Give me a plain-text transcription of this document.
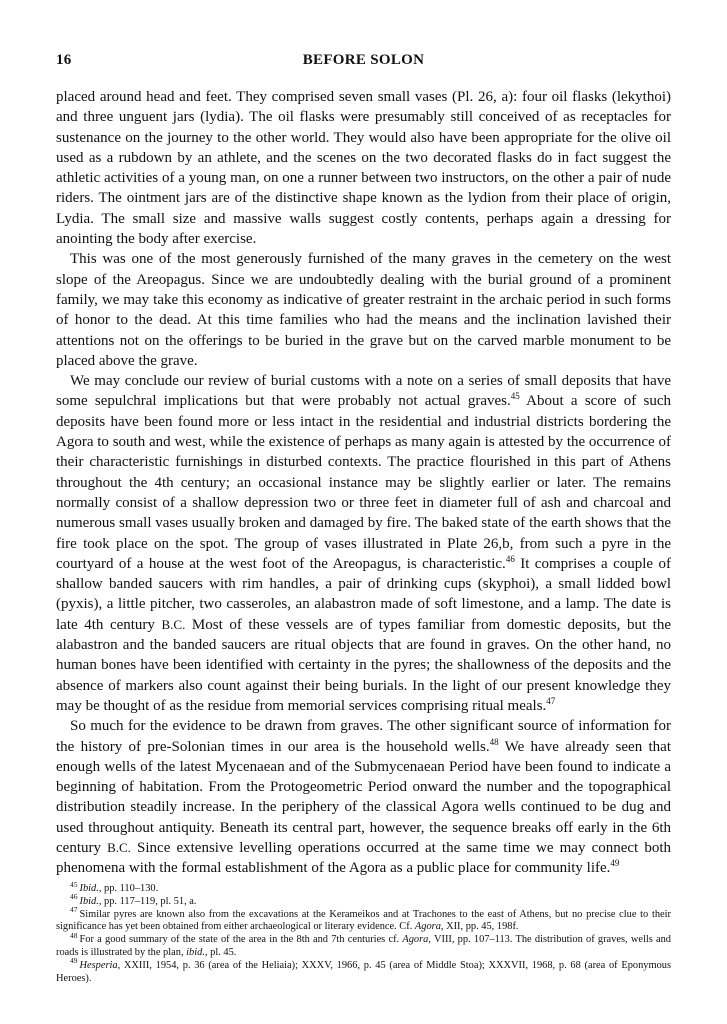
16	BEFORE SOLON

placed around head and feet. They comprised seven small vases (Pl. 26, a): four oil flasks (lekythoi) and three unguent jars (lydia). The oil flasks were presumably still conceived of as receptacles for sustenance on the journey to the other world. They would also have been appropriate for the olive oil used as a rubdown by an athlete, and the scenes on the two decorated flasks do in fact suggest the athletic activities of a young man, on one a runner between two instructors, on the other a pair of nude riders. The ointment jars are of the distinctive shape known as the lydion from their place of origin, Lydia. The small size and massive walls suggest costly contents, perhaps again a dressing for anointing the body after exercise.

This was one of the most generously furnished of the many graves in the cemetery on the west slope of the Areopagus. Since we are undoubtedly dealing with the burial ground of a prominent family, we may take this economy as indicative of greater restraint in the archaic period in such forms of honor to the dead. At this time families who had the means and the inclination lavished their attentions not on the offerings to be buried in the grave but on the carved marble monument to be placed above the grave.

We may conclude our review of burial customs with a note on a series of small deposits that have some sepulchral implications but that were probably not actual graves.$^{45}$ About a score of such deposits have been found more or less intact in the residential and industrial districts bordering the Agora to south and west, while the existence of perhaps as many again is attested by the occurrence of their characteristic furnishings in disturbed contexts. The practice flourished in this part of Athens throughout the 4th century; an occasional instance may be slightly earlier or later. The remains normally consist of a shallow depression two or three feet in diameter full of ash and charcoal and numerous small vases usually broken and damaged by fire. The baked state of the earth shows that the fire took place on the spot. The group of vases illustrated in Plate 26,b, from such a pyre in the courtyard of a house at the west foot of the Areopagus, is characteristic.$^{46}$ It comprises a couple of shallow banded saucers with rim handles, a pair of drinking cups (skyphoi), a small lidded bowl (pyxis), a little pitcher, two casseroles, an alabastron made of soft limestone, and a lamp. The date is late 4th century B.C. Most of these vessels are of types familiar from domestic deposits, but the alabastron and the banded saucers are ritual objects that are found in graves. On the other hand, no human bones have been identified with certainty in the pyres; the shallowness of the deposits and the absence of markers also count against their being burials. In the light of our present knowledge they may be thought of as the residue from memorial services comprising ritual meals.$^{47}$

So much for the evidence to be drawn from graves. The other significant source of information for the history of pre-Solonian times in our area is the household wells.$^{48}$ We have already seen that enough wells of the latest Mycenaean and of the Submycenaean Period have been found to indicate a beginning of habitation. From the Protogeometric Period onward the number and the topographical distribution steadily increase. In the periphery of the classical Agora wells continued to be dug and used throughout antiquity. Beneath its central part, however, the sequence breaks off early in the 6th century B.C. Since extensive levelling operations occurred at the same time we may connect both phenomena with the formal establishment of the Agora as a public place for community life.$^{49}$

$^{45}$ Ibid., pp. 110–130.

$^{46}$ Ibid., pp. 117–119, pl. 51, a.

$^{47}$ Similar pyres are known also from the excavations at the Kerameikos and at Trachones to the east of Athens, but no precise clue to their significance has yet been obtained from either archaeological or literary evidence. Cf. Agora, XII, pp. 45, 198f.

$^{48}$ For a good summary of the state of the area in the 8th and 7th centuries cf. Agora, VIII, pp. 107–113. The distribution of graves, wells and roads is illustrated by the plan, ibid., pl. 45.

$^{49}$ Hesperia, XXIII, 1954, p. 36 (area of the Heliaia); XXXV, 1966, p. 45 (area of Middle Stoa); XXXVII, 1968, p. 68 (area of Eponymous Heroes).
